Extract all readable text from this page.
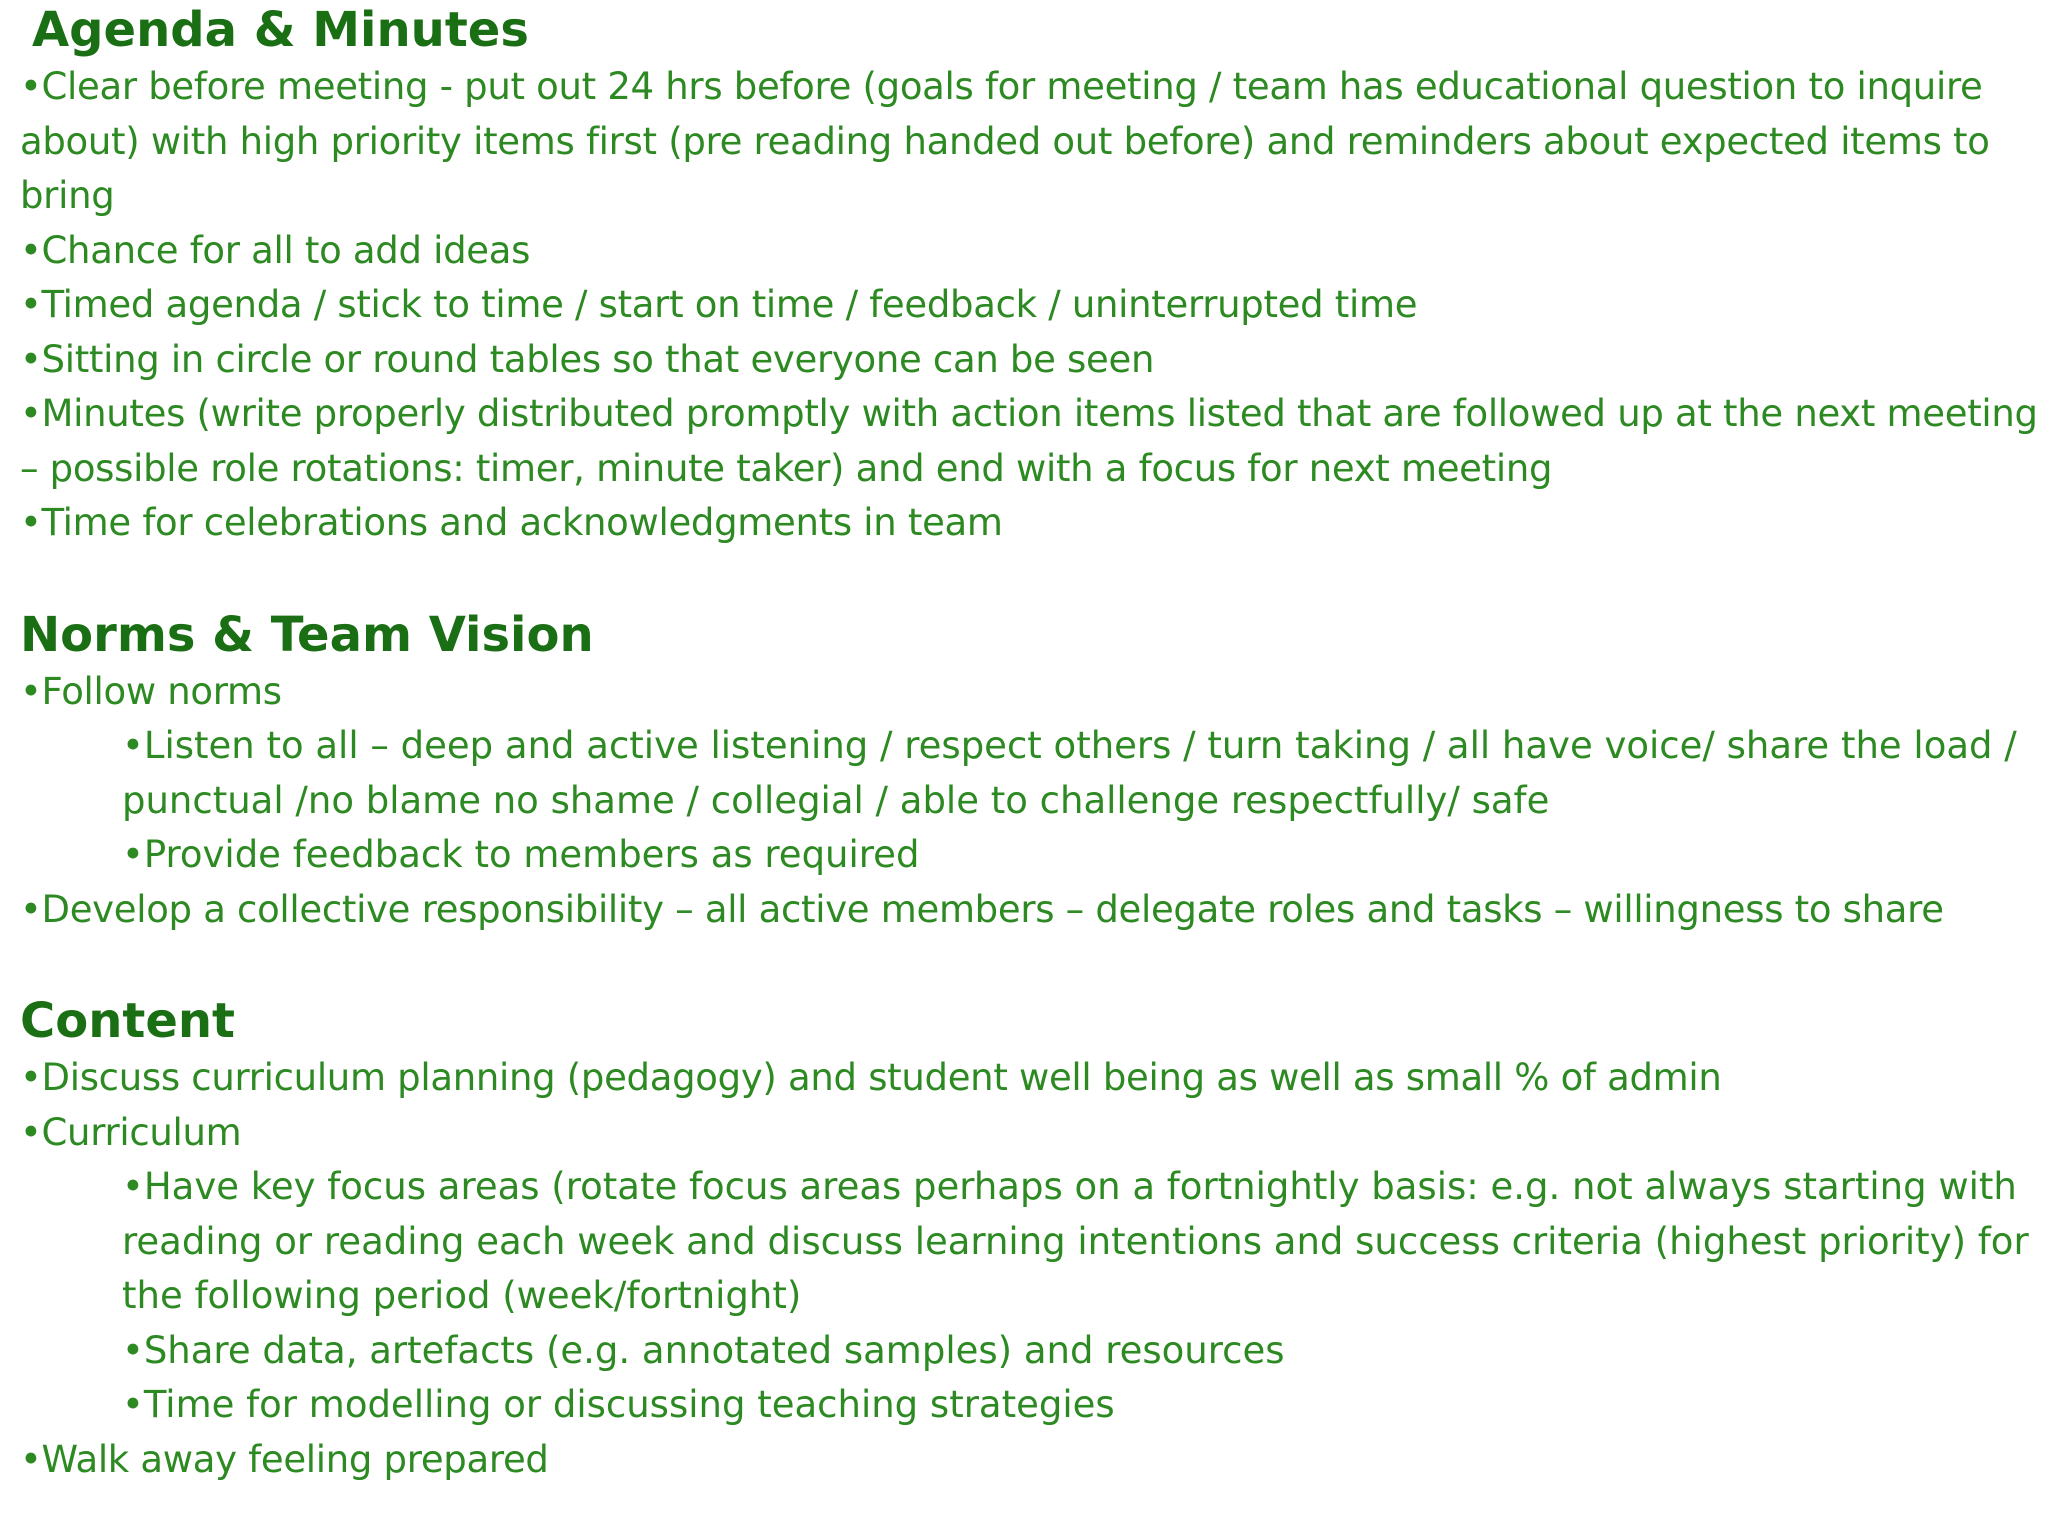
Agenda & Minutes
•Clear before meeting - put out 24 hrs before (goals for meeting / team has educational question to inquire about) with high priority items first (pre reading handed out before) and reminders about expected items to bring
•Chance for all to add ideas
•Timed agenda / stick to time / start on time / feedback / uninterrupted time
•Sitting in circle or round tables so that everyone can be seen
•Minutes (write properly distributed promptly with action items listed that are followed up at the next meeting – possible role rotations: timer, minute taker) and end with a focus for next meeting
•Time for celebrations and acknowledgments in team
Norms & Team Vision
•Follow norms
•Listen to all – deep and active listening / respect others / turn taking / all have voice/ share the load / punctual /no blame no shame / collegial / able to challenge respectfully/ safe
•Provide feedback to members as required
•Develop a collective responsibility – all active members – delegate roles and tasks – willingness to share
Content
•Discuss curriculum planning (pedagogy) and student well being as well as small % of admin
•Curriculum
•Have key focus areas (rotate focus areas perhaps on a fortnightly basis: e.g. not always starting with reading or reading each week and discuss learning intentions and success criteria (highest priority) for the following period (week/fortnight)
•Share data, artefacts (e.g. annotated samples) and resources
•Time for modelling or discussing teaching strategies
•Walk away feeling prepared
